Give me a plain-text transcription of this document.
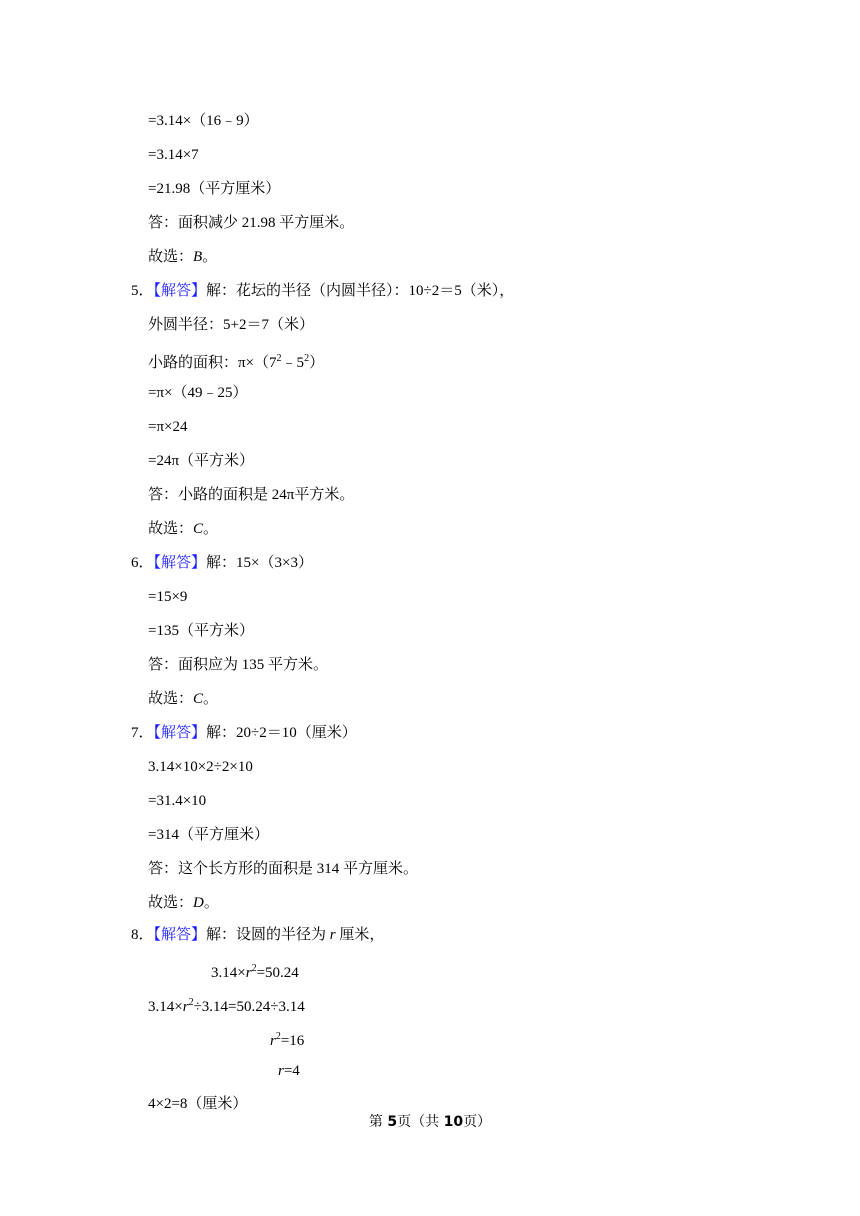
=3.14×（16﹣9）
=3.14×7
=21.98（平方厘米）
答：面积减少 21.98 平方厘米。
故选：B。
5．【解答】解：花坛的半径（内圆半径）：10÷2＝5（米），
外圆半径：5+2＝7（米）
小路的面积：$\pi\times(7^2﹣5^2)$
=π×（49﹣25）
=π×24
=24π（平方米）
答：小路的面积是 24π平方米。
故选：C。
6．【解答】解：15×（3×3）
=15×9
=135（平方米）
答：面积应为 135 平方米。
故选：C。
7．【解答】解：20÷2＝10（厘米）
3.14×10×2÷2×10
=31.4×10
=314（平方厘米）
答：这个长方形的面积是 314 平方厘米。
故选：D。
8．【解答】解：设圆的半径为 r 厘米，
$3.14\times r^2=50.24$
$3.14\times r^2\div 3.14=50.24\div 3.14$
$r^2=16$
r=4
4×2=8（厘米）
第 5页（共 10页）
